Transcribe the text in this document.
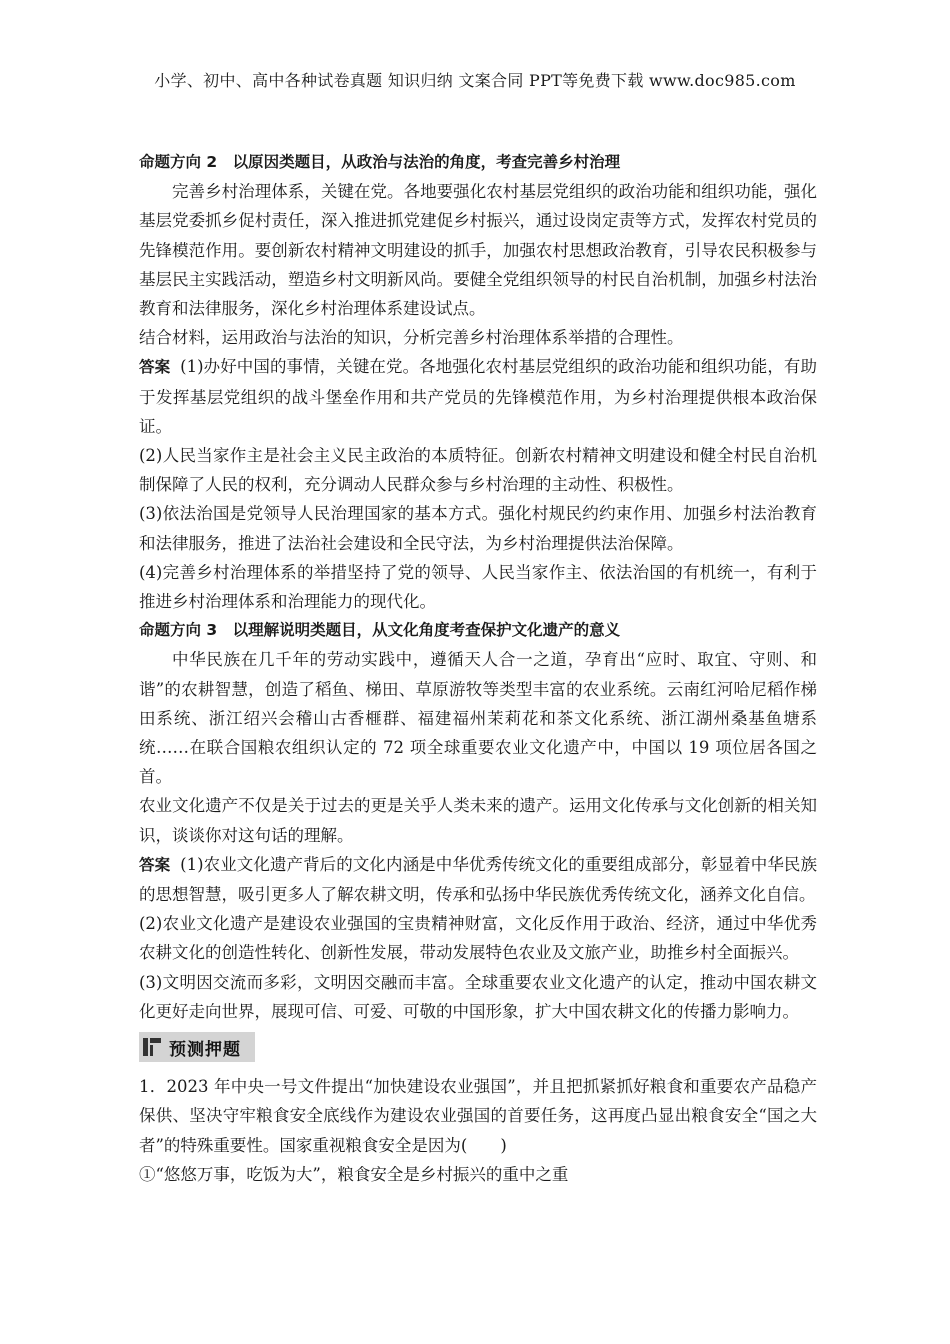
小学、初中、高中各种试卷真题 知识归纳 文案合同 PPT等免费下载 www.doc985.com

命题方向 2　以原因类题目，从政治与法治的角度，考查完善乡村治理

完善乡村治理体系，关键在党。各地要强化农村基层党组织的政治功能和组织功能，强化基层党委抓乡促村责任，深入推进抓党建促乡村振兴，通过设岗定责等方式，发挥农村党员的先锋模范作用。要创新农村精神文明建设的抓手，加强农村思想政治教育，引导农民积极参与基层民主实践活动，塑造乡村文明新风尚。要健全党组织领导的村民自治机制，加强乡村法治教育和法律服务，深化乡村治理体系建设试点。

结合材料，运用政治与法治的知识，分析完善乡村治理体系举措的合理性。

答案 (1)办好中国的事情，关键在党。各地强化农村基层党组织的政治功能和组织功能，有助于发挥基层党组织的战斗堡垒作用和共产党员的先锋模范作用，为乡村治理提供根本政治保证。

(2)人民当家作主是社会主义民主政治的本质特征。创新农村精神文明建设和健全村民自治机制保障了人民的权利，充分调动人民群众参与乡村治理的主动性、积极性。

(3)依法治国是党领导人民治理国家的基本方式。强化村规民约约束作用、加强乡村法治教育和法律服务，推进了法治社会建设和全民守法，为乡村治理提供法治保障。

(4)完善乡村治理体系的举措坚持了党的领导、人民当家作主、依法治国的有机统一，有利于推进乡村治理体系和治理能力的现代化。

命题方向 3　以理解说明类题目，从文化角度考查保护文化遗产的意义

中华民族在几千年的劳动实践中，遵循天人合一之道，孕育出“应时、取宜、守则、和谐”的农耕智慧，创造了稻鱼、梯田、草原游牧等类型丰富的农业系统。云南红河哈尼稻作梯田系统、浙江绍兴会稽山古香榧群、福建福州茉莉花和茶文化系统、浙江湖州桑基鱼塘系统……在联合国粮农组织认定的 72 项全球重要农业文化遗产中，中国以 19 项位居各国之首。

农业文化遗产不仅是关于过去的更是关乎人类未来的遗产。运用文化传承与文化创新的相关知识，谈谈你对这句话的理解。

答案 (1)农业文化遗产背后的文化内涵是中华优秀传统文化的重要组成部分，彰显着中华民族的思想智慧，吸引更多人了解农耕文明，传承和弘扬中华民族优秀传统文化，涵养文化自信。

(2)农业文化遗产是建设农业强国的宝贵精神财富，文化反作用于政治、经济，通过中华优秀农耕文化的创造性转化、创新性发展，带动发展特色农业及文旅产业，助推乡村全面振兴。

(3)文明因交流而多彩，文明因交融而丰富。全球重要农业文化遗产的认定，推动中国农耕文化更好走向世界，展现可信、可爱、可敬的中国形象，扩大中国农耕文化的传播力影响力。

预测押题

1．2023 年中央一号文件提出“加快建设农业强国”，并且把抓紧抓好粮食和重要农产品稳产保供、坚决守牢粮食安全底线作为建设农业强国的首要任务，这再度凸显出粮食安全“国之大者”的特殊重要性。国家重视粮食安全是因为(　　)

①“悠悠万事，吃饭为大”，粮食安全是乡村振兴的重中之重
